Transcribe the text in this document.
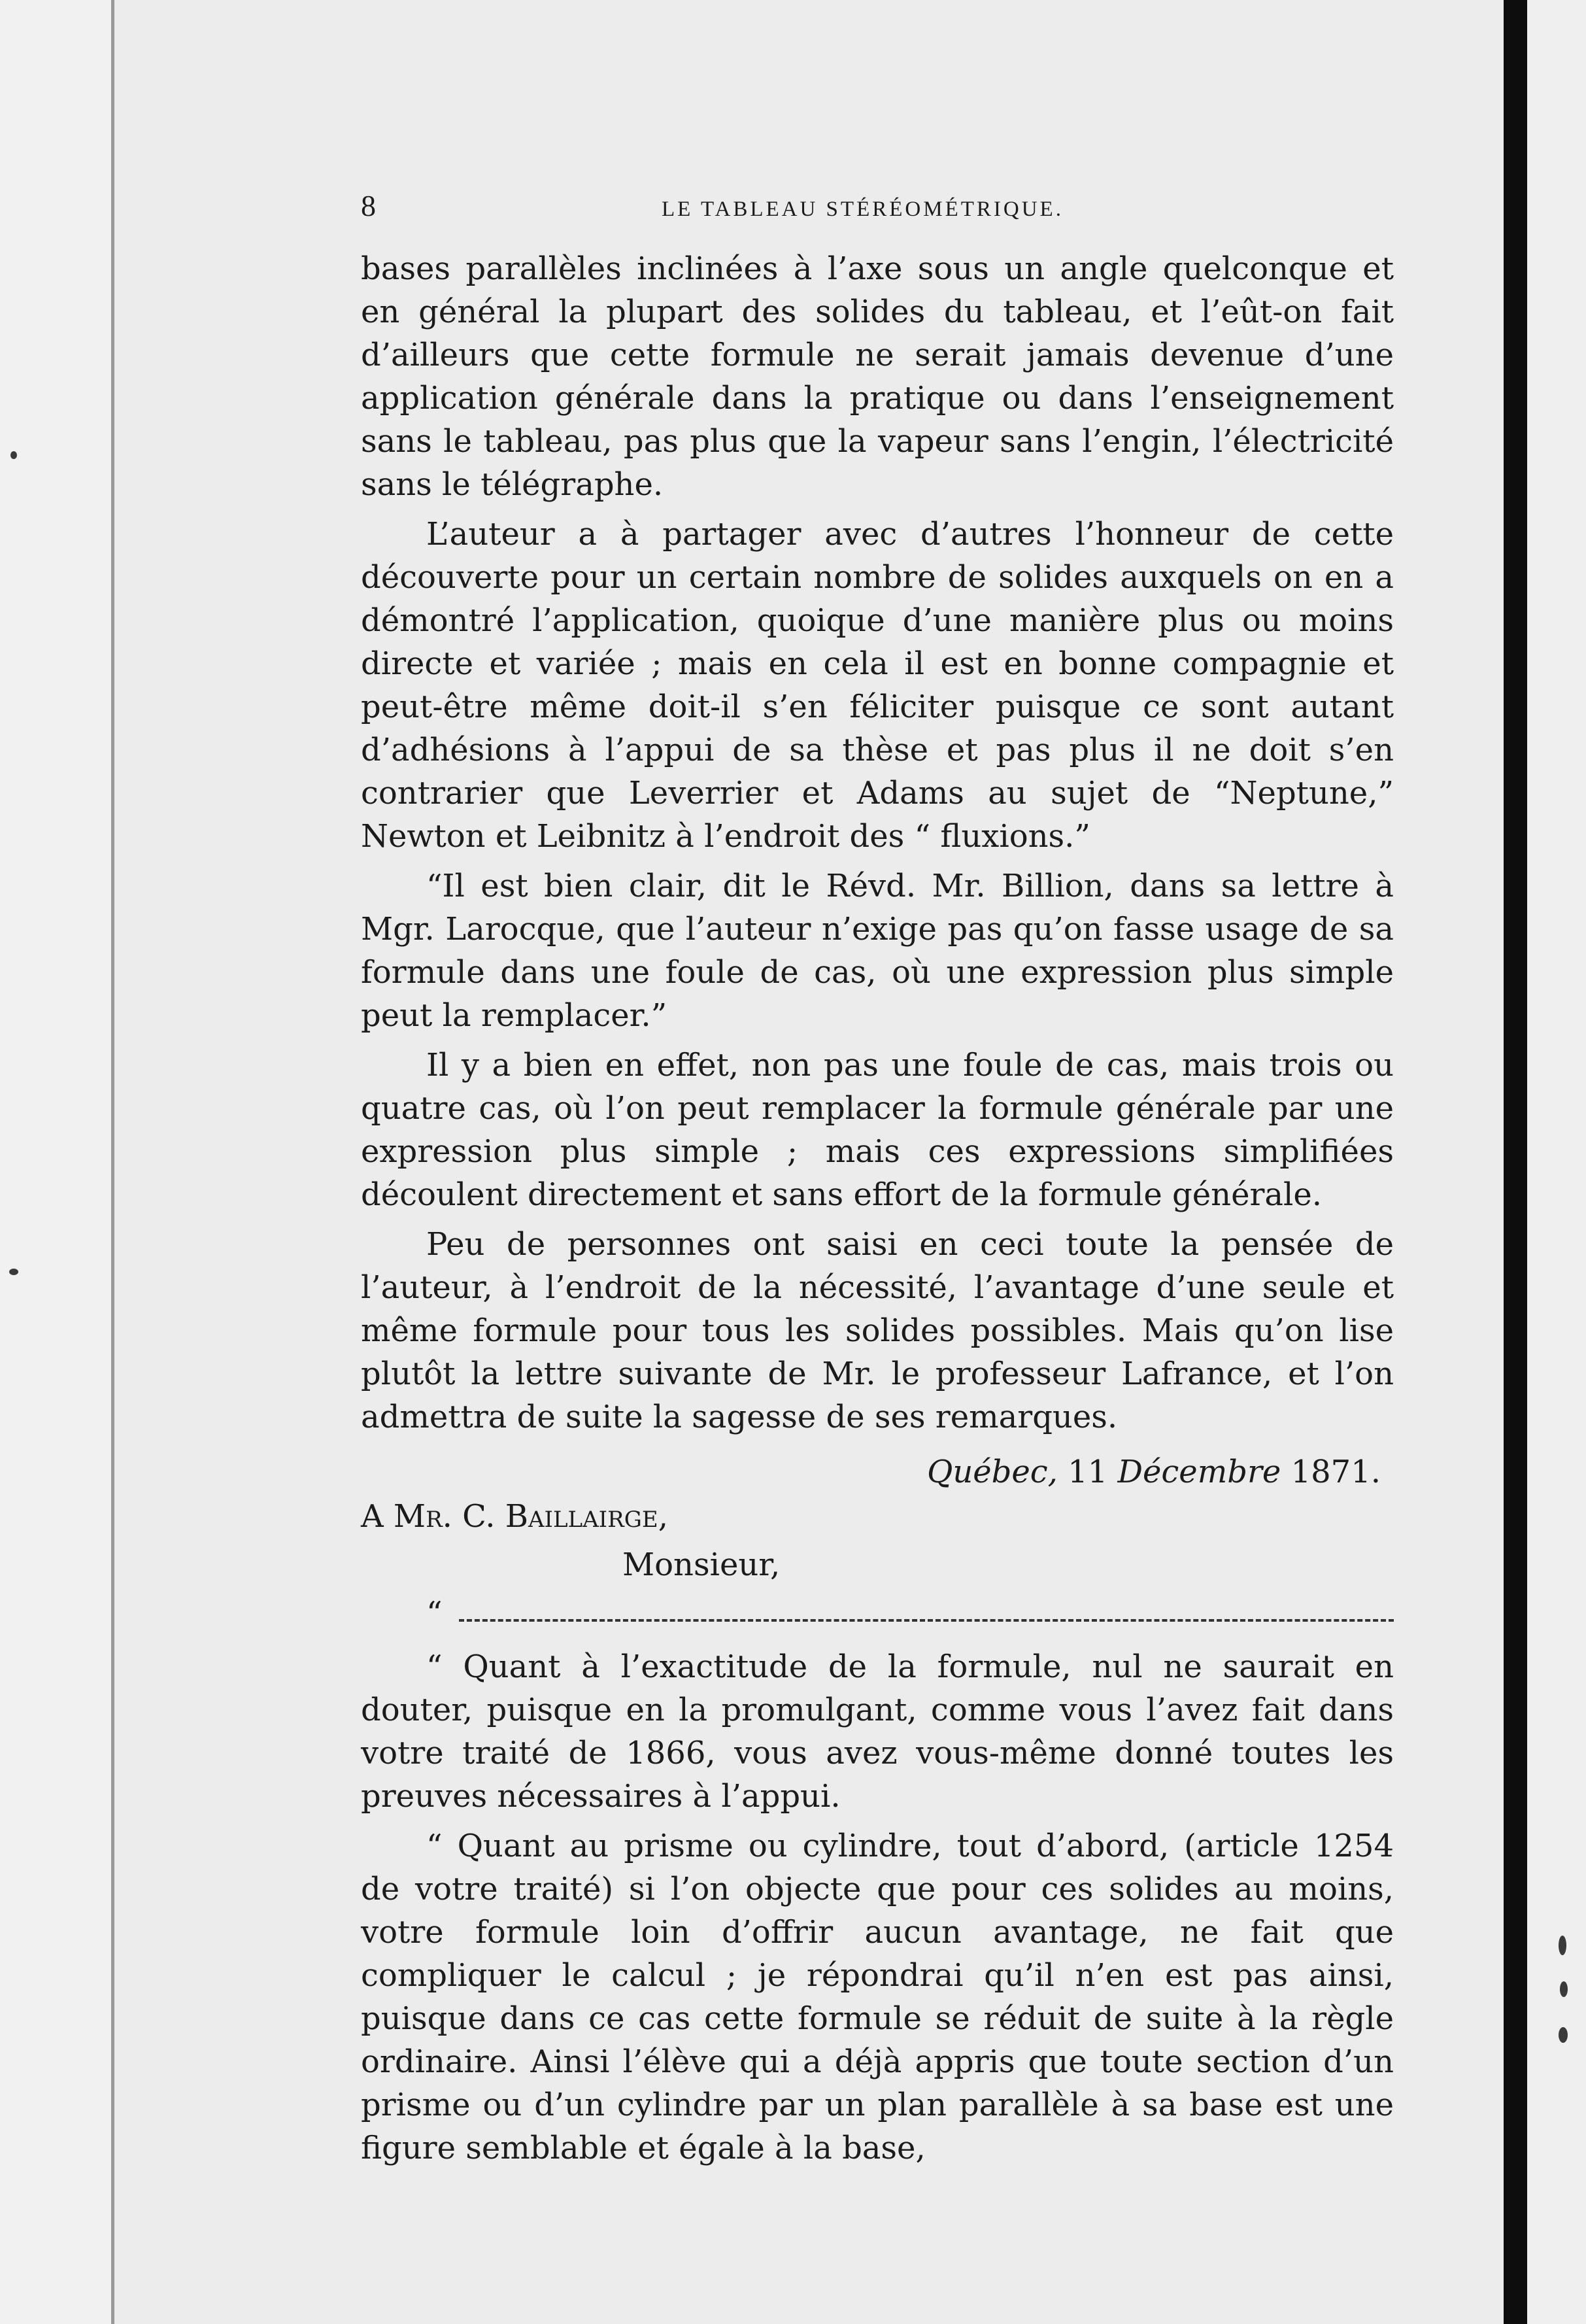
8	LE TABLEAU STÉRÉOMÉTRIQUE.

bases parallèles inclinées à l’axe sous un angle quelconque et en général la plupart des solides du tableau, et l’eût-on fait d’ailleurs que cette formule ne serait jamais devenue d’une application générale dans la pratique ou dans l’enseignement sans le tableau, pas plus que la vapeur sans l’engin, l’électricité sans le télégraphe.

L’auteur a à partager avec d’autres l’honneur de cette découverte pour un certain nombre de solides auxquels on en a démontré l’application, quoique d’une manière plus ou moins directe et variée ; mais en cela il est en bonne compagnie et peut-être même doit-il s’en féliciter puisque ce sont autant d’adhésions à l’appui de sa thèse et pas plus il ne doit s’en contrarier que Leverrier et Adams au sujet de “Neptune,” Newton et Leibnitz à l’endroit des “ fluxions.”

“Il est bien clair, dit le Révd. Mr. Billion, dans sa lettre à Mgr. Larocque, que l’auteur n’exige pas qu’on fasse usage de sa formule dans une foule de cas, où une expression plus simple peut la remplacer.”

Il y a bien en effet, non pas une foule de cas, mais trois ou quatre cas, où l’on peut remplacer la formule générale par une expression plus simple ; mais ces expressions simplifiées découlent directement et sans effort de la formule générale.

Peu de personnes ont saisi en ceci toute la pensée de l’auteur, à l’endroit de la nécessité, l’avantage d’une seule et même formule pour tous les solides possibles. Mais qu’on lise plutôt la lettre suivante de Mr. le professeur Lafrance, et l’on admettra de suite la sagesse de ses remarques.

Québec, 11 Décembre 1871.
A Mr. C. Baillairge,
Monsieur,
“

“ Quant à l’exactitude de la formule, nul ne saurait en douter, puisque en la promulgant, comme vous l’avez fait dans votre traité de 1866, vous avez vous-même donné toutes les preuves nécessaires à l’appui.

“ Quant au prisme ou cylindre, tout d’abord, (article 1254 de votre traité) si l’on objecte que pour ces solides au moins, votre formule loin d’offrir aucun avantage, ne fait que compliquer le calcul ; je répondrai qu’il n’en est pas ainsi, puisque dans ce cas cette formule se réduit de suite à la règle ordinaire. Ainsi l’élève qui a déjà appris que toute section d’un prisme ou d’un cylindre par un plan parallèle à sa base est une figure semblable et égale à la base,
